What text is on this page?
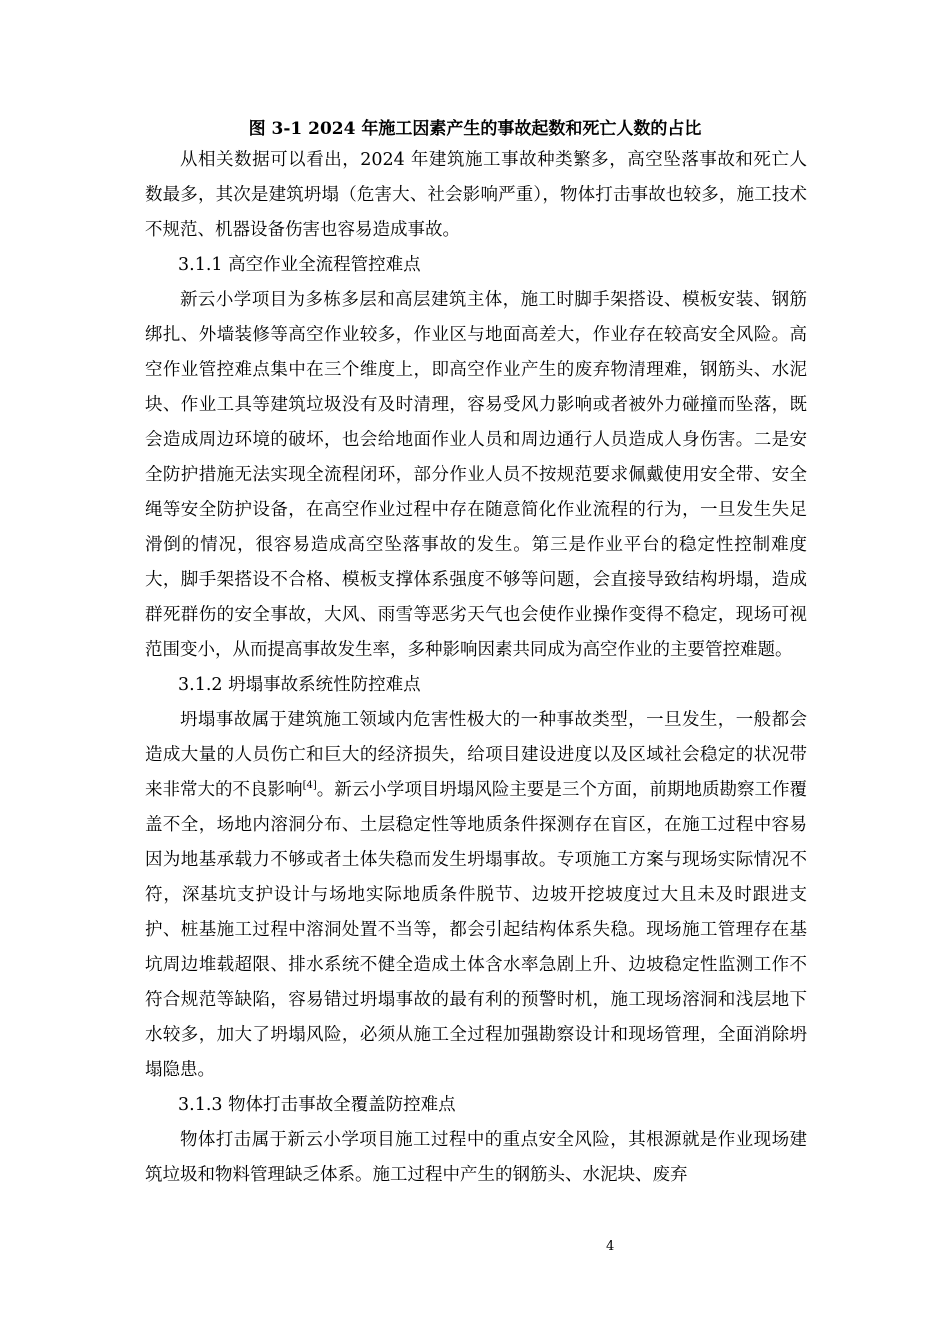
图 3-1 2024 年施工因素产生的事故起数和死亡人数的占比

从相关数据可以看出，2024 年建筑施工事故种类繁多，高空坠落事故和死亡人数最多，其次是建筑坍塌（危害大、社会影响严重），物体打击事故也较多，施工技术不规范、机器设备伤害也容易造成事故。

3.1.1 高空作业全流程管控难点

新云小学项目为多栋多层和高层建筑主体，施工时脚手架搭设、模板安装、钢筋绑扎、外墙装修等高空作业较多，作业区与地面高差大，作业存在较高安全风险。高空作业管控难点集中在三个维度上，即高空作业产生的废弃物清理难，钢筋头、水泥块、作业工具等建筑垃圾没有及时清理，容易受风力影响或者被外力碰撞而坠落，既会造成周边环境的破坏，也会给地面作业人员和周边通行人员造成人身伤害。二是安全防护措施无法实现全流程闭环，部分作业人员不按规范要求佩戴使用安全带、安全绳等安全防护设备，在高空作业过程中存在随意简化作业流程的行为，一旦发生失足滑倒的情况，很容易造成高空坠落事故的发生。第三是作业平台的稳定性控制难度大，脚手架搭设不合格、模板支撑体系强度不够等问题，会直接导致结构坍塌，造成群死群伤的安全事故，大风、雨雪等恶劣天气也会使作业操作变得不稳定，现场可视范围变小，从而提高事故发生率，多种影响因素共同成为高空作业的主要管控难题。

3.1.2 坍塌事故系统性防控难点

坍塌事故属于建筑施工领域内危害性极大的一种事故类型，一旦发生，一般都会造成大量的人员伤亡和巨大的经济损失，给项目建设进度以及区域社会稳定的状况带来非常大的不良影响[4]。新云小学项目坍塌风险主要是三个方面，前期地质勘察工作覆盖不全，场地内溶洞分布、土层稳定性等地质条件探测存在盲区，在施工过程中容易因为地基承载力不够或者土体失稳而发生坍塌事故。专项施工方案与现场实际情况不符，深基坑支护设计与场地实际地质条件脱节、边坡开挖坡度过大且未及时跟进支护、桩基施工过程中溶洞处置不当等，都会引起结构体系失稳。现场施工管理存在基坑周边堆载超限、排水系统不健全造成土体含水率急剧上升、边坡稳定性监测工作不符合规范等缺陷，容易错过坍塌事故的最有利的预警时机，施工现场溶洞和浅层地下水较多，加大了坍塌风险，必须从施工全过程加强勘察设计和现场管理，全面消除坍塌隐患。

3.1.3 物体打击事故全覆盖防控难点

物体打击属于新云小学项目施工过程中的重点安全风险，其根源就是作业现场建筑垃圾和物料管理缺乏体系。施工过程中产生的钢筋头、水泥块、废弃

4
